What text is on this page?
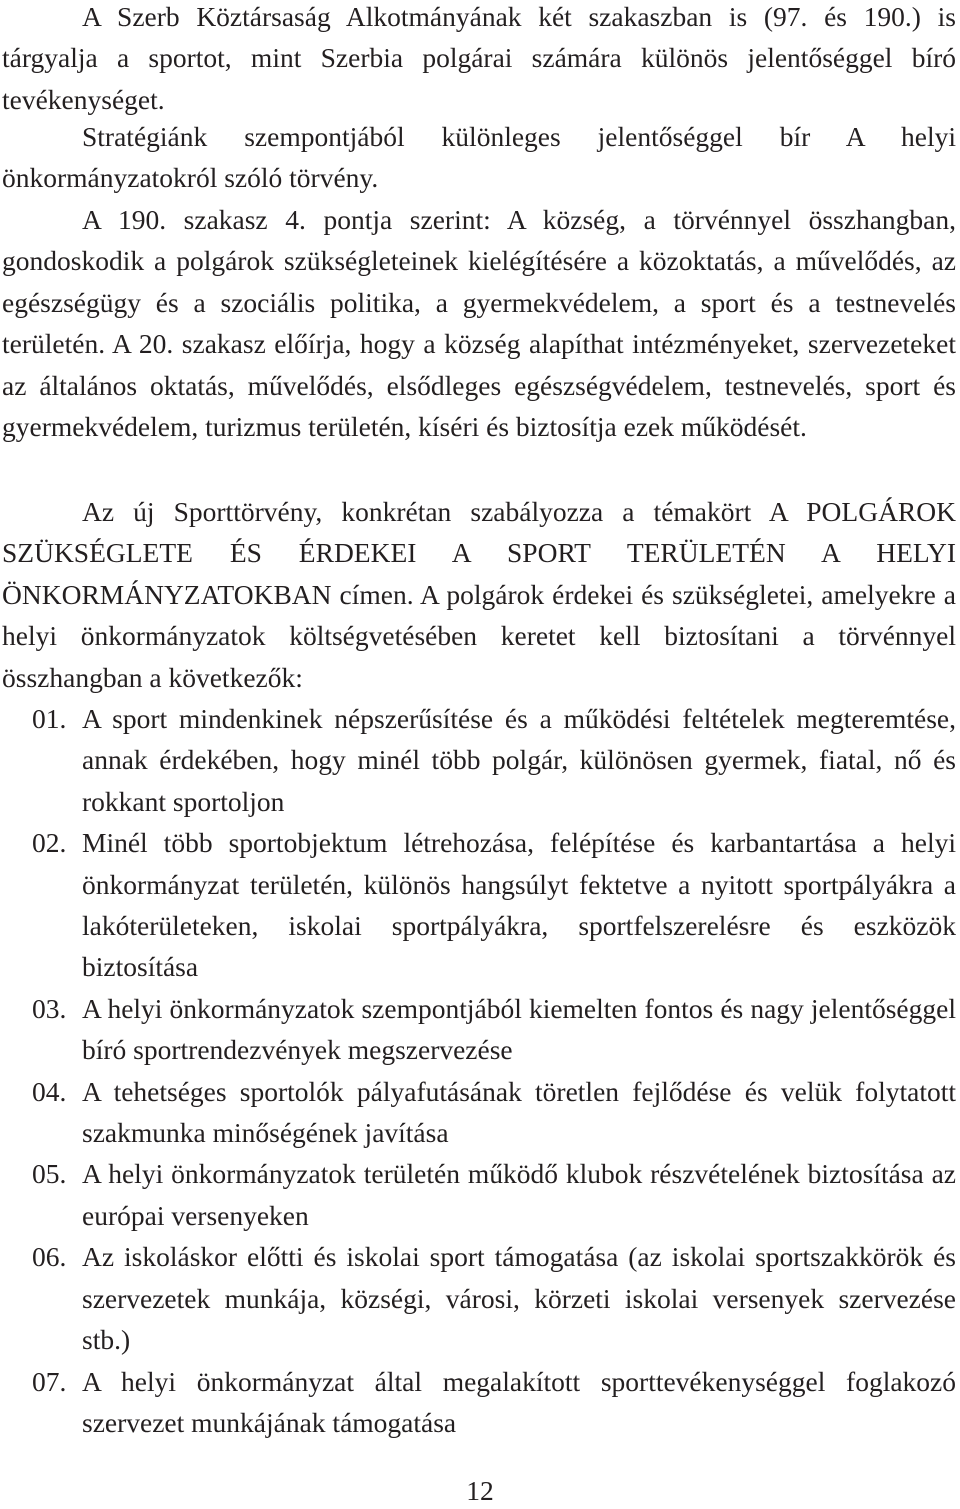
A Szerb Köztársaság Alkotmányának két szakaszban is (97. és 190.) is tárgyalja a sportot, mint Szerbia polgárai számára különös jelentőséggel bíró tevékenységet.

Stratégiánk szempontjából különleges jelentőséggel bír A helyi önkormányzatokról szóló törvény.

A 190. szakasz 4. pontja szerint: A község, a törvénnyel összhangban, gondoskodik a polgárok szükségleteinek kielégítésére a közoktatás, a művelődés, az egészségügy és a szociális politika, a gyermekvédelem, a sport és a testnevelés területén. A 20. szakasz előírja, hogy a község alapíthat intézményeket, szervezeteket az általános oktatás, művelődés, elsődleges egészségvédelem, testnevelés, sport és gyermekvédelem, turizmus területén, kíséri és biztosítja ezek működését.

Az új Sporttörvény, konkrétan szabályozza a témakört A POLGÁROK SZÜKSÉGLETE ÉS ÉRDEKEI A SPORT TERÜLETÉN A HELYI ÖNKORMÁNYZATOKBAN címen. A polgárok érdekei és szükségletei, amelyekre a helyi önkormányzatok költségvetésében keretet kell biztosítani a törvénnyel összhangban a következők:

01. A sport mindenkinek népszerűsítése és a működési feltételek megteremtése, annak érdekében, hogy minél több polgár, különösen gyermek, fiatal, nő és rokkant sportoljon
02. Minél több sportobjektum létrehozása, felépítése és karbantartása a helyi önkormányzat területén, különös hangsúlyt fektetve a nyitott sportpályákra a lakóterületeken, iskolai sportpályákra, sportfelszerelésre és eszközök biztosítása
03. A helyi önkormányzatok szempontjából kiemelten fontos és nagy jelentőséggel bíró sportrendezvények megszervezése
04. A tehetséges sportolók pályafutásának töretlen fejlődése és velük folytatott szakmunka minőségének javítása
05. A helyi önkormányzatok területén működő klubok részvételének biztosítása az európai versenyeken
06. Az iskoláskor előtti és iskolai sport támogatása (az iskolai sportszakkörök és szervezetek munkája, községi, városi, körzeti iskolai versenyek szervezése stb.)
07. A helyi önkormányzat által megalakított sporttevékenységgel foglakozó szervezet munkájának támogatása
12
